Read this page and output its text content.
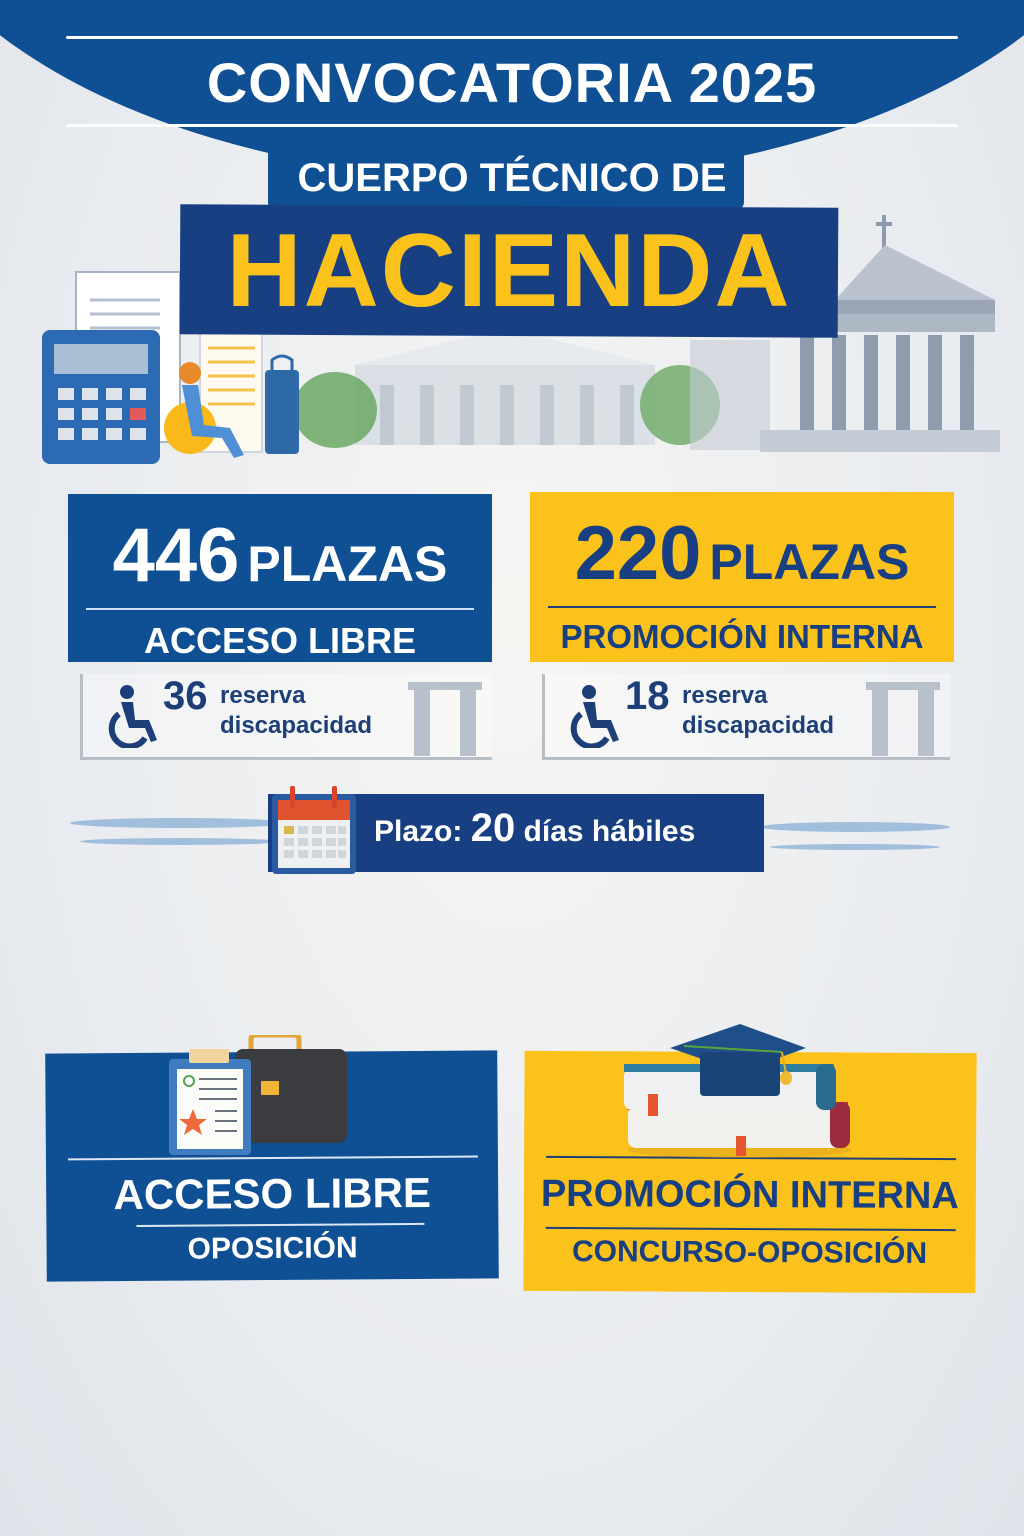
CONVOCATORIA 2025
CUERPO TÉCNICO DE
HACIENDA
446 PLAZAS
ACCESO LIBRE
36 reserva
discapacidad
220 PLAZAS
PROMOCIÓN INTERNA
18 reserva
discapacidad
Plazo: 20 días hábiles
ACCESO LIBRE
OPOSICIÓN
PROMOCIÓN INTERNA
CONCURSO-OPOSICIÓN
